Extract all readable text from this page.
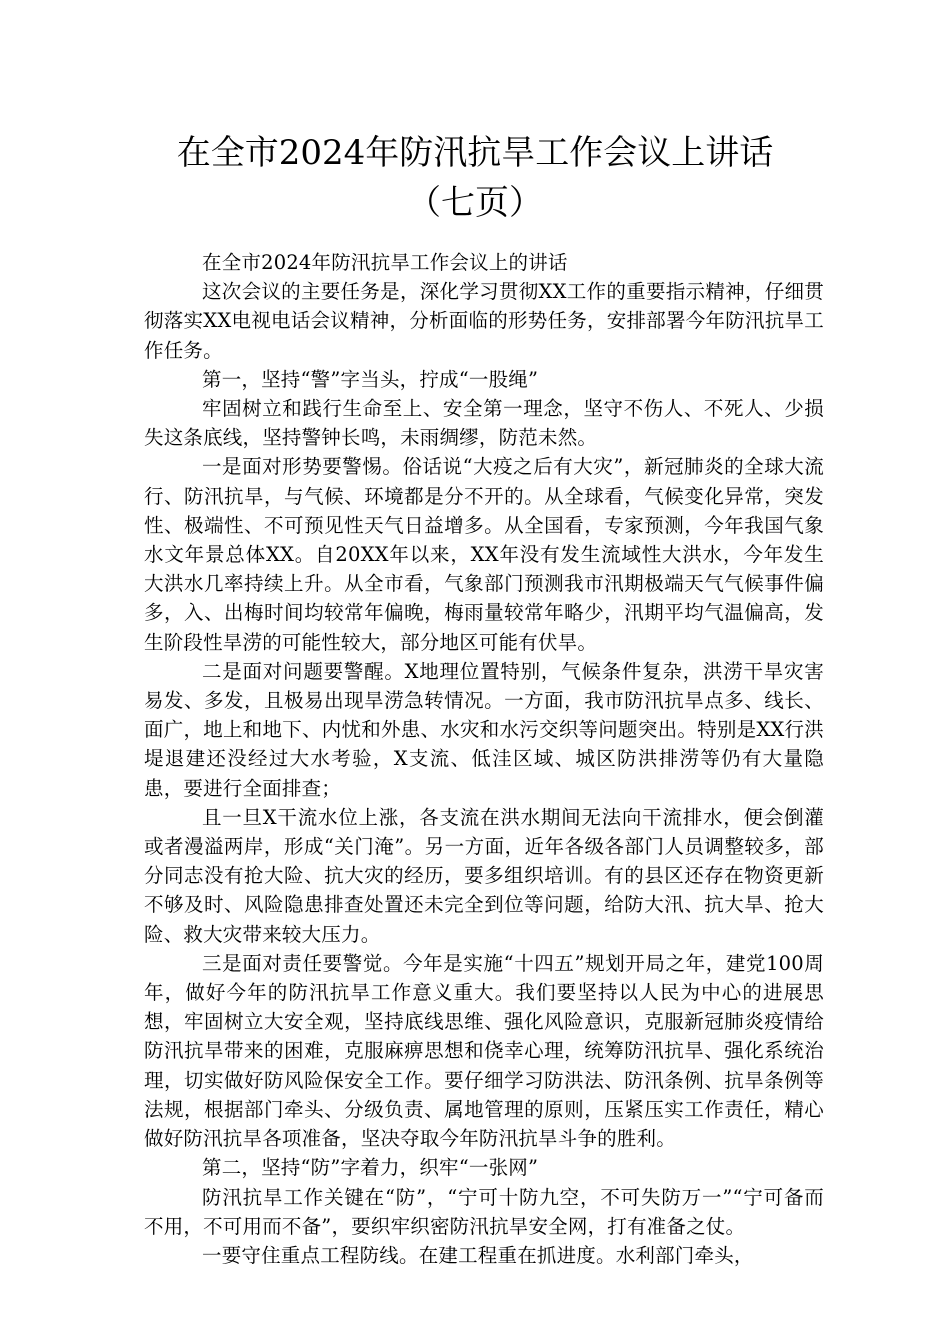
在全市2024年防汛抗旱工作会议上讲话
（七页）

在全市2024年防汛抗旱工作会议上的讲话

这次会议的主要任务是，深化学习贯彻XX工作的重要指示精神，仔细贯彻落实XX电视电话会议精神，分析面临的形势任务，安排部署今年防汛抗旱工作任务。

第一，坚持“警”字当头，拧成“一股绳”

牢固树立和践行生命至上、安全第一理念，坚守不伤人、不死人、少损失这条底线，坚持警钟长鸣，未雨绸缪，防范未然。

一是面对形势要警惕。俗话说“大疫之后有大灾”，新冠肺炎的全球大流行、防汛抗旱，与气候、环境都是分不开的。从全球看，气候变化异常，突发性、极端性、不可预见性天气日益增多。从全国看，专家预测，今年我国气象水文年景总体XX。自20XX年以来，XX年没有发生流域性大洪水，今年发生大洪水几率持续上升。从全市看，气象部门预测我市汛期极端天气气候事件偏多，入、出梅时间均较常年偏晚，梅雨量较常年略少，汛期平均气温偏高，发生阶段性旱涝的可能性较大，部分地区可能有伏旱。

二是面对问题要警醒。X地理位置特别，气候条件复杂，洪涝干旱灾害易发、多发，且极易出现旱涝急转情况。一方面，我市防汛抗旱点多、线长、面广，地上和地下、内忧和外患、水灾和水污交织等问题突出。特别是XX行洪堤退建还没经过大水考验，X支流、低洼区域、城区防洪排涝等仍有大量隐患，要进行全面排查；

且一旦X干流水位上涨，各支流在洪水期间无法向干流排水，便会倒灌或者漫溢两岸，形成“关门淹”。另一方面，近年各级各部门人员调整较多，部分同志没有抢大险、抗大灾的经历，要多组织培训。有的县区还存在物资更新不够及时、风险隐患排查处置还未完全到位等问题，给防大汛、抗大旱、抢大险、救大灾带来较大压力。

三是面对责任要警觉。今年是实施“十四五”规划开局之年，建党100周年，做好今年的防汛抗旱工作意义重大。我们要坚持以人民为中心的进展思想，牢固树立大安全观，坚持底线思维、强化风险意识，克服新冠肺炎疫情给防汛抗旱带来的困难，克服麻痹思想和侥幸心理，统筹防汛抗旱、强化系统治理，切实做好防风险保安全工作。要仔细学习防洪法、防汛条例、抗旱条例等法规，根据部门牵头、分级负责、属地管理的原则，压紧压实工作责任，精心做好防汛抗旱各项准备，坚决夺取今年防汛抗旱斗争的胜利。

第二，坚持“防”字着力，织牢“一张网”

防汛抗旱工作关键在“防”，“宁可十防九空，不可失防万一”“宁可备而不用，不可用而不备”，要织牢织密防汛抗旱安全网，打有准备之仗。

一要守住重点工程防线。在建工程重在抓进度。水利部门牵头，
